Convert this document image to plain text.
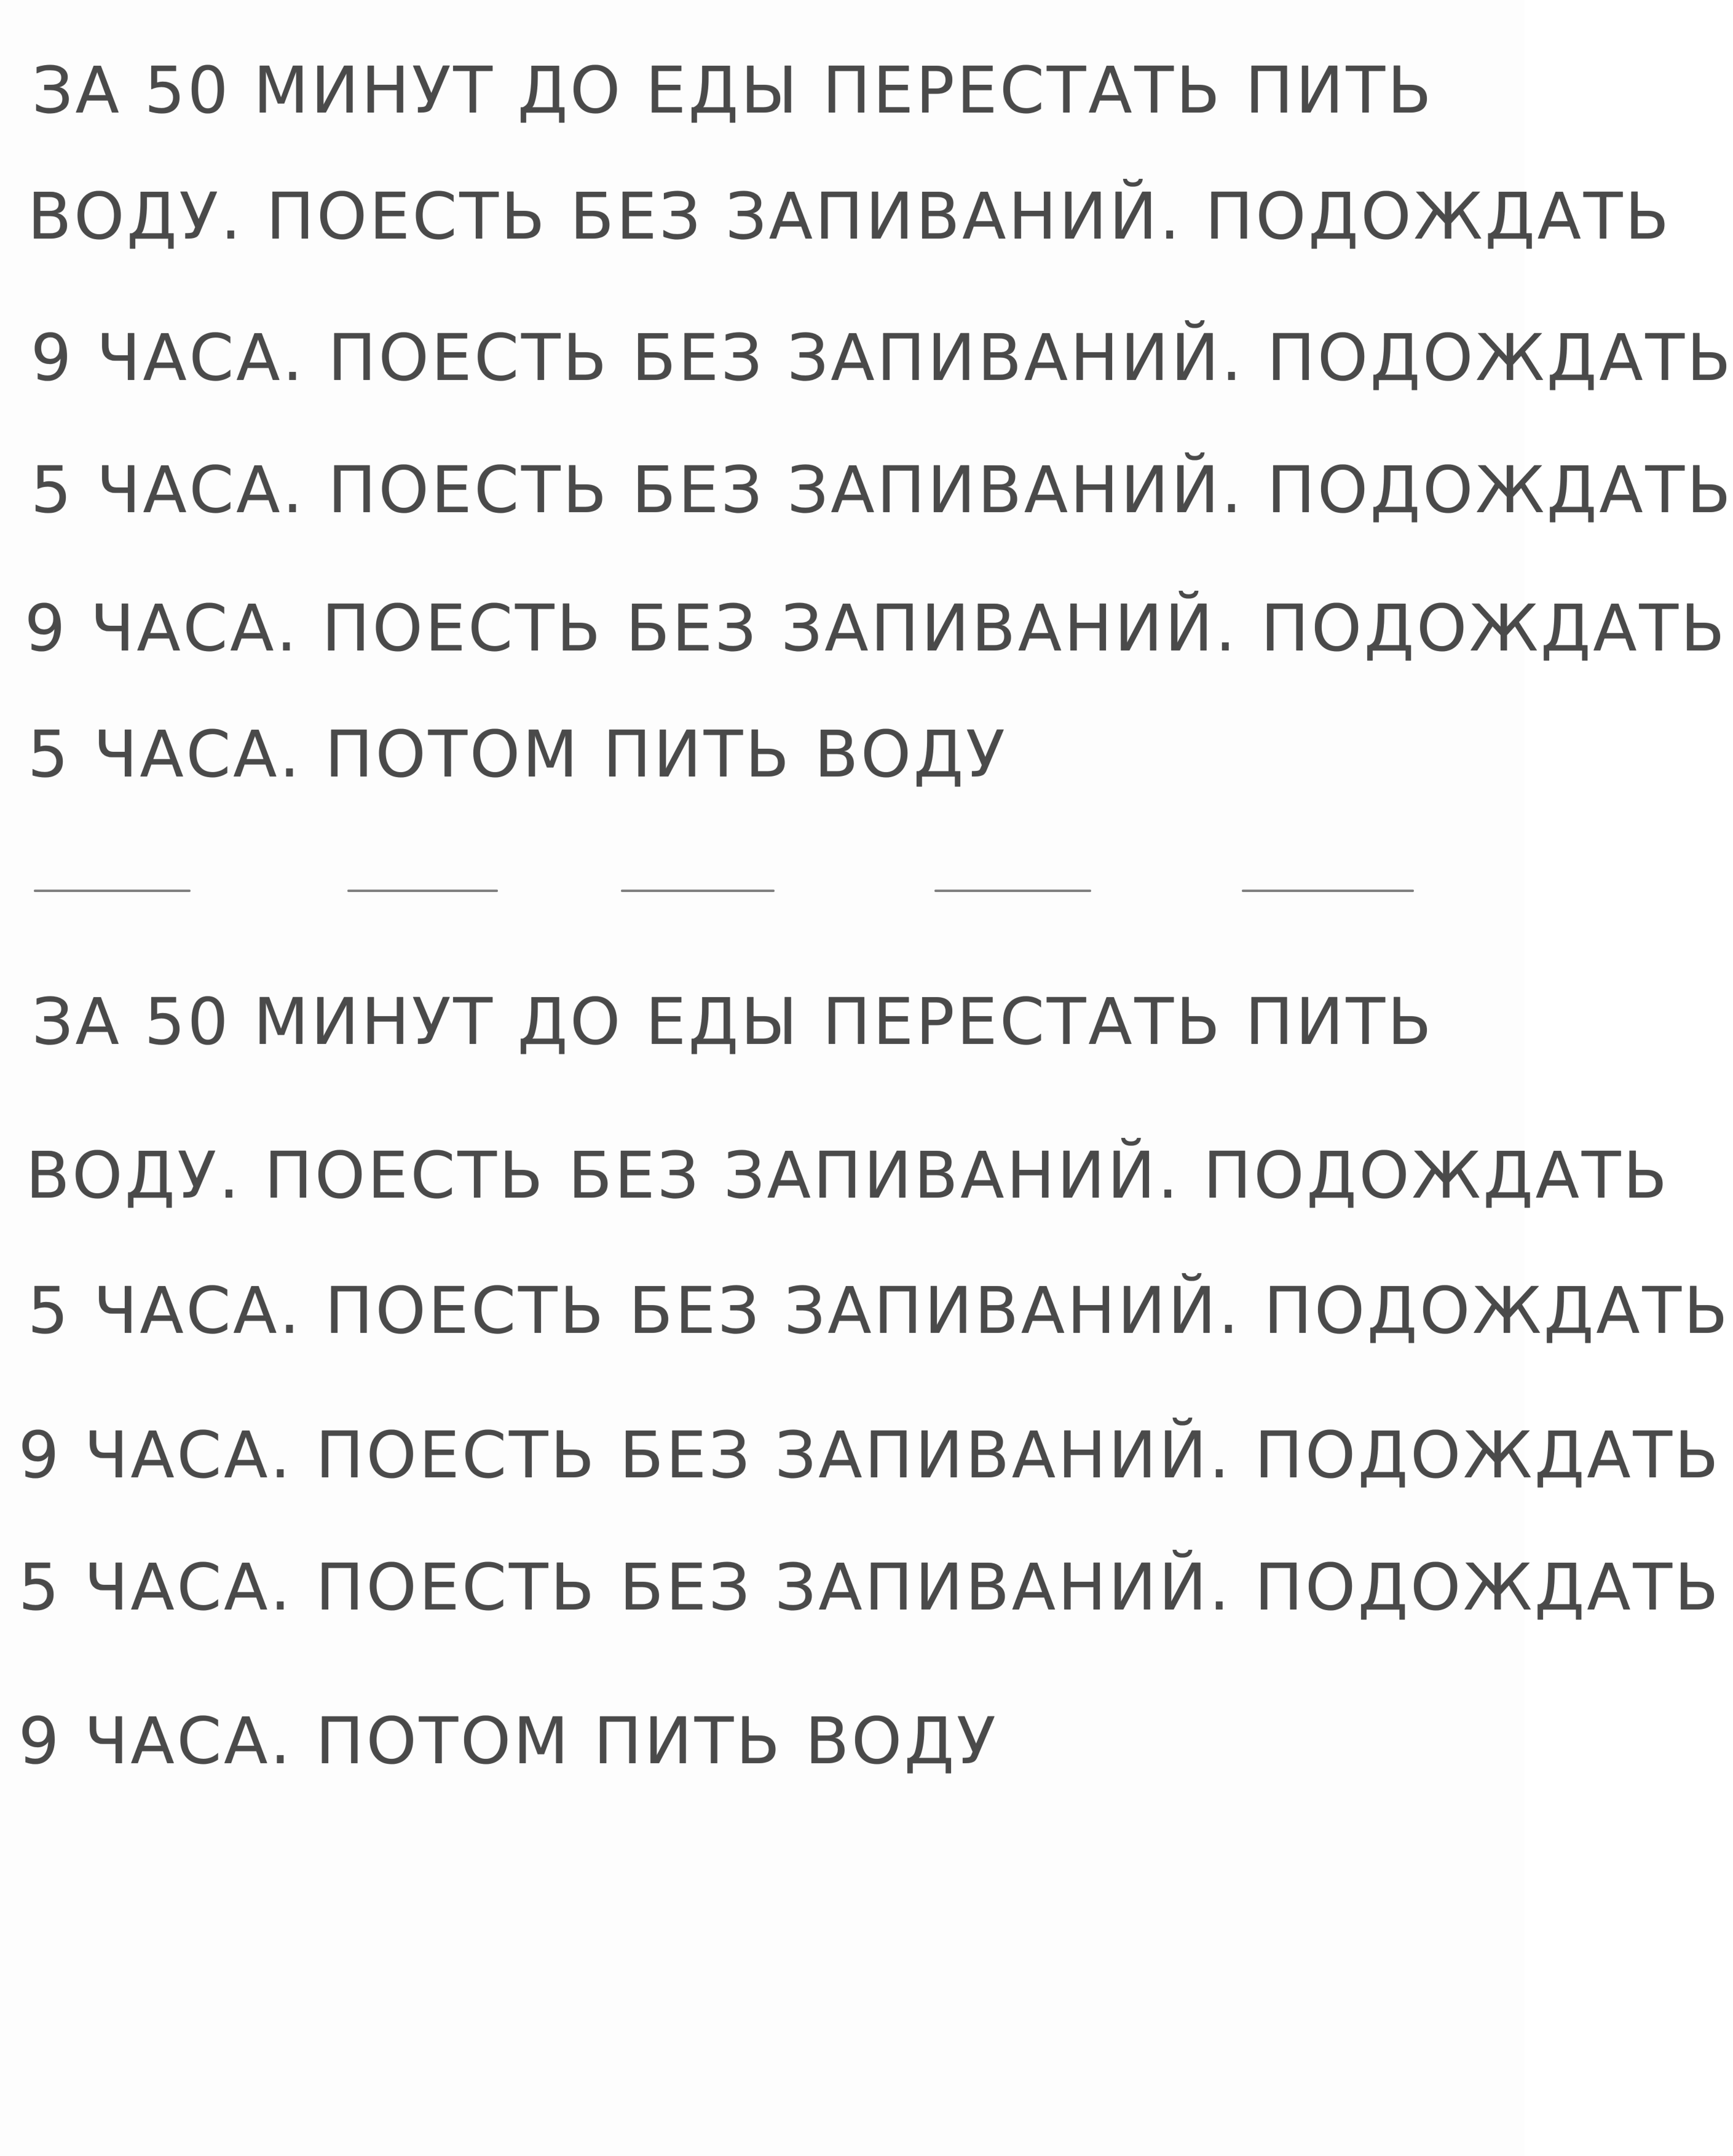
ЗА 50 МИНУТ ДО ЕДЫ ПЕРЕСТАТЬ ПИТЬ
ВОДУ. ПОЕСТЬ БЕЗ ЗАПИВАНИЙ. ПОДОЖДАТЬ
9 ЧАСА. ПОЕСТЬ БЕЗ ЗАПИВАНИЙ. ПОДОЖДАТЬ
5 ЧАСА. ПОЕСТЬ БЕЗ ЗАПИВАНИЙ. ПОДОЖДАТЬ
9 ЧАСА. ПОЕСТЬ БЕЗ ЗАПИВАНИЙ. ПОДОЖДАТЬ
5 ЧАСА. ПОТОМ ПИТЬ ВОДУ
ЗА 50 МИНУТ ДО ЕДЫ ПЕРЕСТАТЬ ПИТЬ
ВОДУ. ПОЕСТЬ БЕЗ ЗАПИВАНИЙ. ПОДОЖДАТЬ
5 ЧАСА. ПОЕСТЬ БЕЗ ЗАПИВАНИЙ. ПОДОЖДАТЬ
9 ЧАСА. ПОЕСТЬ БЕЗ ЗАПИВАНИЙ. ПОДОЖДАТЬ
5 ЧАСА. ПОЕСТЬ БЕЗ ЗАПИВАНИЙ. ПОДОЖДАТЬ
9 ЧАСА. ПОТОМ ПИТЬ ВОДУ
